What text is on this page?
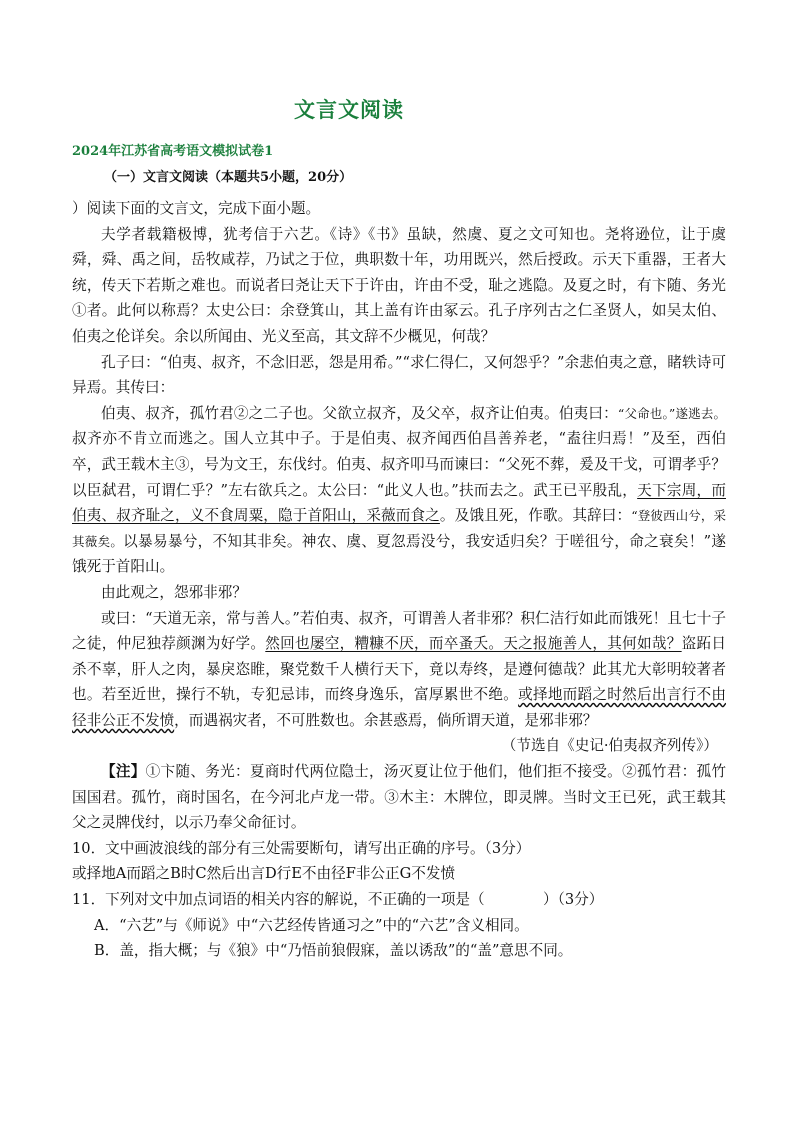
文言文阅读
2024年江苏省高考语文模拟试卷1
（一）文言文阅读（本题共5小题，20分）

）阅读下面的文言文，完成下面小题。

夫学者载籍极博，犹考信于六艺。《诗》《书》虽缺，然虞、夏之文可知也。尧将逊位，让于虞舜，舜、禹之间，岳牧咸荐，乃试之于位，典职数十年，功用既兴，然后授政。示天下重器，王者大统，传天下若斯之难也。而说者曰尧让天下于许由，许由不受，耻之逃隐。及夏之时，有卞随、务光①者。此何以称焉？太史公曰：余登箕山，其上盖有许由冢云。孔子序列古之仁圣贤人，如吴太伯、伯夷之伦详矣。余以所闻由、光义至高，其文辞不少概见，何哉？

孔子曰：“伯夷、叔齐，不念旧恶，怨是用希。”“求仁得仁，又何怨乎？”余悲伯夷之意，睹轶诗可异焉。其传曰：

伯夷、叔齐，孤竹君②之二子也。父欲立叔齐，及父卒，叔齐让伯夷。伯夷曰：“父命也。”遂逃去。叔齐亦不肯立而逃之。国人立其中子。于是伯夷、叔齐闻西伯昌善养老，“盍往归焉！”及至，西伯卒，武王载木主③，号为文王，东伐纣。伯夷、叔齐叩马而谏曰：“父死不葬，爰及干戈，可谓孝乎？以臣弑君，可谓仁乎？”左右欲兵之。太公曰：“此义人也。”扶而去之。武王已平殷乱，天下宗周，而伯夷、叔齐耻之，义不食周粟，隐于首阳山，采薇而食之。及饿且死，作歌。其辞曰：“登彼西山兮，采其薇矣。以暴易暴兮，不知其非矣。神农、虞、夏忽焉没兮，我安适归矣？于嗟徂兮，命之衰矣！”遂饿死于首阳山。

由此观之，怨邪非邪？

或曰：“天道无亲，常与善人。”若伯夷、叔齐，可谓善人者非邪？积仁洁行如此而饿死！且七十子之徒，仲尼独荐颜渊为好学。然回也屡空，糟糠不厌，而卒蚤夭。天之报施善人，其何如哉？盗跖日杀不辜，肝人之肉，暴戾恣睢，聚党数千人横行天下，竟以寿终，是遵何德哉？此其尤大彰明较著者也。若至近世，操行不轨，专犯忌讳，而终身逸乐，富厚累世不绝。或择地而蹈之时然后出言行不由径非公正不发愤，而遇祸灾者，不可胜数也。余甚惑焉，倘所谓天道，是邪非邪？

（节选自《史记·伯夷叔齐列传》）

【注】①卞随、务光：夏商时代两位隐士，汤灭夏让位于他们，他们拒不接受。②孤竹君：孤竹国国君。孤竹，商时国名，在今河北卢龙一带。③木主：木牌位，即灵牌。当时文王已死，武王载其父之灵牌伐纣，以示乃奉父命征讨。

10．文中画波浪线的部分有三处需要断句，请写出正确的序号。（3分）

或择地A而蹈之B时C然后出言D行E不由径F非公正G不发愤

11．下列对文中加点词语的相关内容的解说，不正确的一项是（　　　　）（3分）

A．“六艺”与《师说》中“六艺经传皆通习之”中的“六艺”含义相同。

B．盖，指大概；与《狼》中“乃悟前狼假寐，盖以诱敌”的“盖”意思不同。
